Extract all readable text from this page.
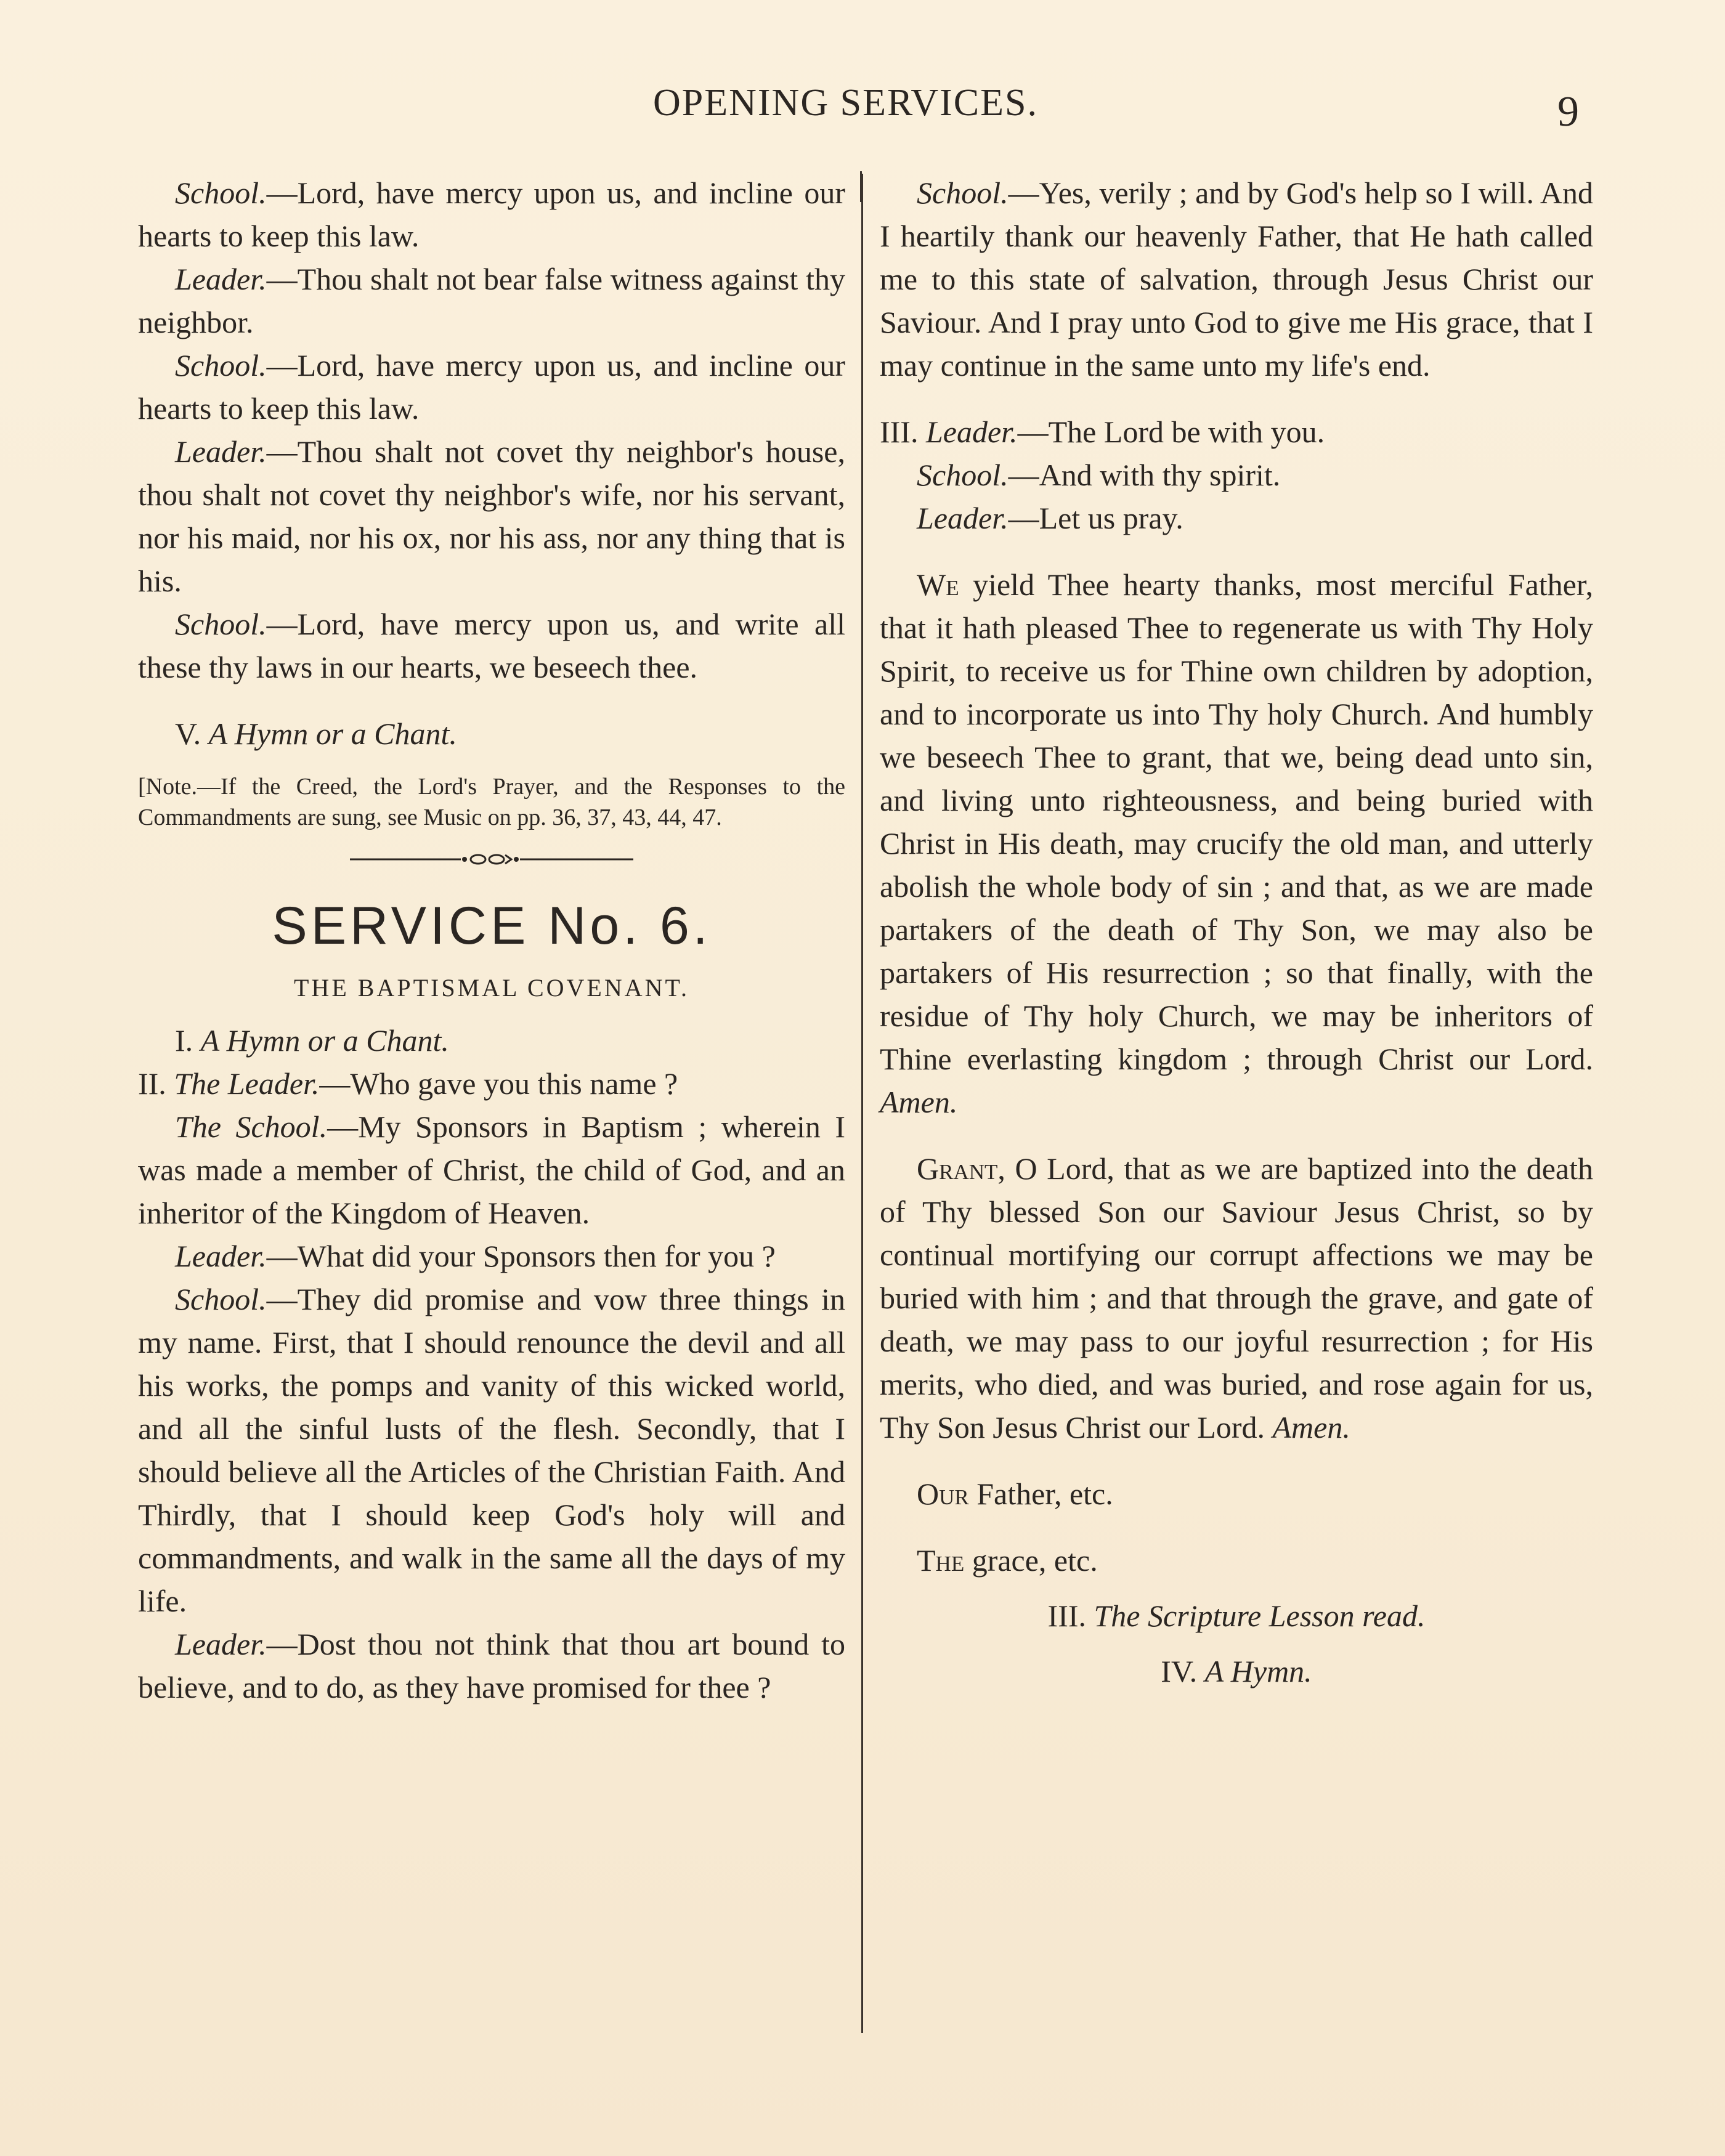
OPENING SERVICES.	9

School.—Lord, have mercy upon us, and incline our hearts to keep this law.

Leader.—Thou shalt not bear false witness against thy neighbor.

School.—Lord, have mercy upon us, and incline our hearts to keep this law.

Leader.—Thou shalt not covet thy neighbor's house, thou shalt not covet thy neighbor's wife, nor his servant, nor his maid, nor his ox, nor his ass, nor any thing that is his.

School.—Lord, have mercy upon us, and write all these thy laws in our hearts, we beseech thee.

V. A Hymn or a Chant.

[Note.—If the Creed, the Lord's Prayer, and the Responses to the Commandments are sung, see Music on pp. 36, 37, 43, 44, 47.

SERVICE No. 6.
THE BAPTISMAL COVENANT.

I. A Hymn or a Chant.

II. The Leader.—Who gave you this name ?

The School.—My Sponsors in Baptism ; wherein I was made a member of Christ, the child of God, and an inheritor of the Kingdom of Heaven.

Leader.—What did your Sponsors then for you ?

School.—They did promise and vow three things in my name. First, that I should renounce the devil and all his works, the pomps and vanity of this wicked world, and all the sinful lusts of the flesh. Secondly, that I should believe all the Articles of the Christian Faith. And Thirdly, that I should keep God's holy will and commandments, and walk in the same all the days of my life.

Leader.—Dost thou not think that thou art bound to believe, and to do, as they have promised for thee ?

School.—Yes, verily ; and by God's help so I will. And I heartily thank our heavenly Father, that He hath called me to this state of salvation, through Jesus Christ our Saviour. And I pray unto God to give me His grace, that I may continue in the same unto my life's end.

III. Leader.—The Lord be with you.

School.—And with thy spirit.

Leader.—Let us pray.

We yield Thee hearty thanks, most merciful Father, that it hath pleased Thee to regenerate us with Thy Holy Spirit, to receive us for Thine own children by adoption, and to incorporate us into Thy holy Church. And humbly we beseech Thee to grant, that we, being dead unto sin, and living unto righteousness, and being buried with Christ in His death, may crucify the old man, and utterly abolish the whole body of sin ; and that, as we are made partakers of the death of Thy Son, we may also be partakers of His resurrection ; so that finally, with the residue of Thy holy Church, we may be inheritors of Thine everlasting kingdom ; through Christ our Lord. Amen.

Grant, O Lord, that as we are baptized into the death of Thy blessed Son our Saviour Jesus Christ, so by continual mortifying our corrupt affections we may be buried with him ; and that through the grave, and gate of death, we may pass to our joyful resurrection ; for His merits, who died, and was buried, and rose again for us, Thy Son Jesus Christ our Lord. Amen.

Our Father, etc.

The grace, etc.

III. The Scripture Lesson read.

IV. A Hymn.
